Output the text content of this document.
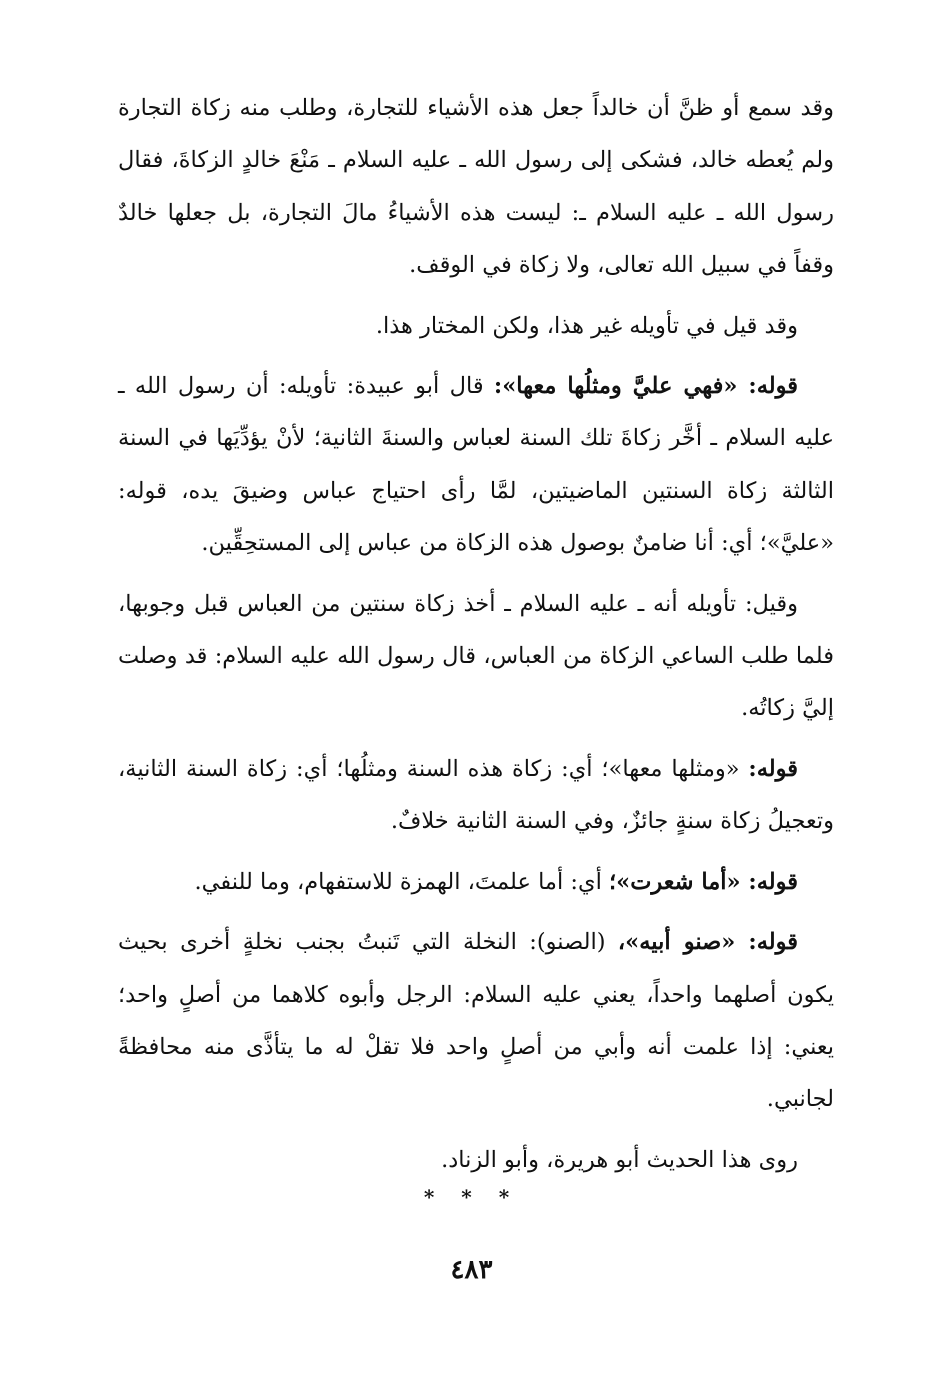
وقد سمع أو ظنَّ أن خالداً جعل هذه الأشياء للتجارة، وطلب منه زكاة التجارة ولم يُعطه خالد، فشكى إلى رسول الله ـ عليه السلام ـ مَنْعَ خالدٍ الزكاةَ، فقال رسول الله ـ عليه السلام ـ: ليست هذه الأشياءُ مالَ التجارة، بل جعلها خالدٌ وقفاً في سبيل الله تعالى، ولا زكاة في الوقف.

وقد قيل في تأويله غير هذا، ولكن المختار هذا.

قوله: «فهي عليَّ ومثلُها معها»: قال أبو عبيدة: تأويله: أن رسول الله ـ عليه السلام ـ أخَّر زكاةَ تلك السنة لعباس والسنةَ الثانية؛ لأنْ يؤدِّيَها في السنة الثالثة زكاة السنتين الماضيتين، لمَّا رأى احتياج عباس وضيقَ يده، قوله: «عليَّ»؛ أي: أنا ضامنٌ بوصول هذه الزكاة من عباس إلى المستحِقِّين.

وقيل: تأويله أنه ـ عليه السلام ـ أخذ زكاة سنتين من العباس قبل وجوبها، فلما طلب الساعي الزكاة من العباس، قال رسول الله عليه السلام: قد وصلت إليَّ زكاتُه.

قوله: «ومثلها معها»؛ أي: زكاة هذه السنة ومثلُها؛ أي: زكاة السنة الثانية، وتعجيلُ زكاة سنةٍ جائزٌ، وفي السنة الثانية خلافٌ.

قوله: «أما شعرت»؛ أي: أما علمتَ، الهمزة للاستفهام، وما للنفي.

قوله: «صنو أبيه»، (الصنو): النخلة التي تَنبتُ بجنب نخلةٍ أخرى بحيث يكون أصلهما واحداً، يعني عليه السلام: الرجل وأبوه كلاهما من أصلٍ واحد؛ يعني: إذا علمت أنه وأبي من أصلٍ واحد فلا تقلْ له ما يتأذَّى منه محافظةً لجانبي.

روى هذا الحديث أبو هريرة، وأبو الزناد.

* * *
٤٨٣
